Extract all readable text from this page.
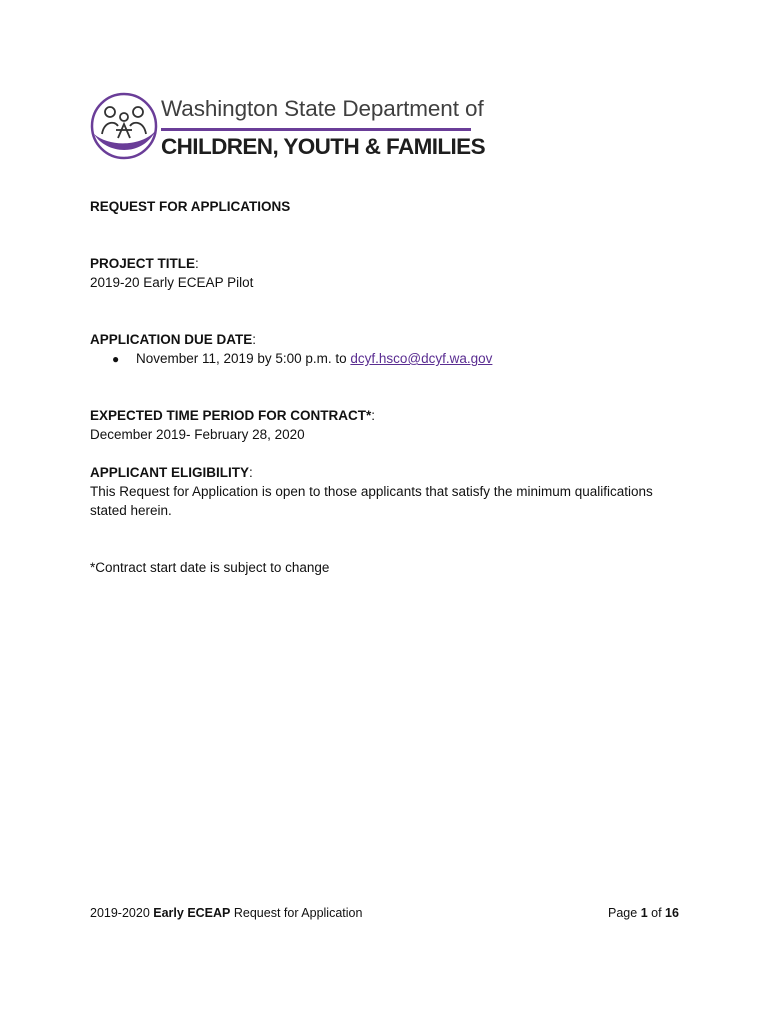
Washington State Department of
CHILDREN, YOUTH & FAMILIES
REQUEST FOR APPLICATIONS
PROJECT TITLE:
2019-20 Early ECEAP Pilot
APPLICATION DUE DATE:
● November 11, 2019 by 5:00 p.m. to dcyf.hsco@dcyf.wa.gov
EXPECTED TIME PERIOD FOR CONTRACT*:
December 2019- February 28, 2020
APPLICANT ELIGIBILITY:
This Request for Application is open to those applicants that satisfy the minimum qualifications
stated herein.
*Contract start date is subject to change
2019-2020 Early ECEAP Request for Application	Page 1 of 16
